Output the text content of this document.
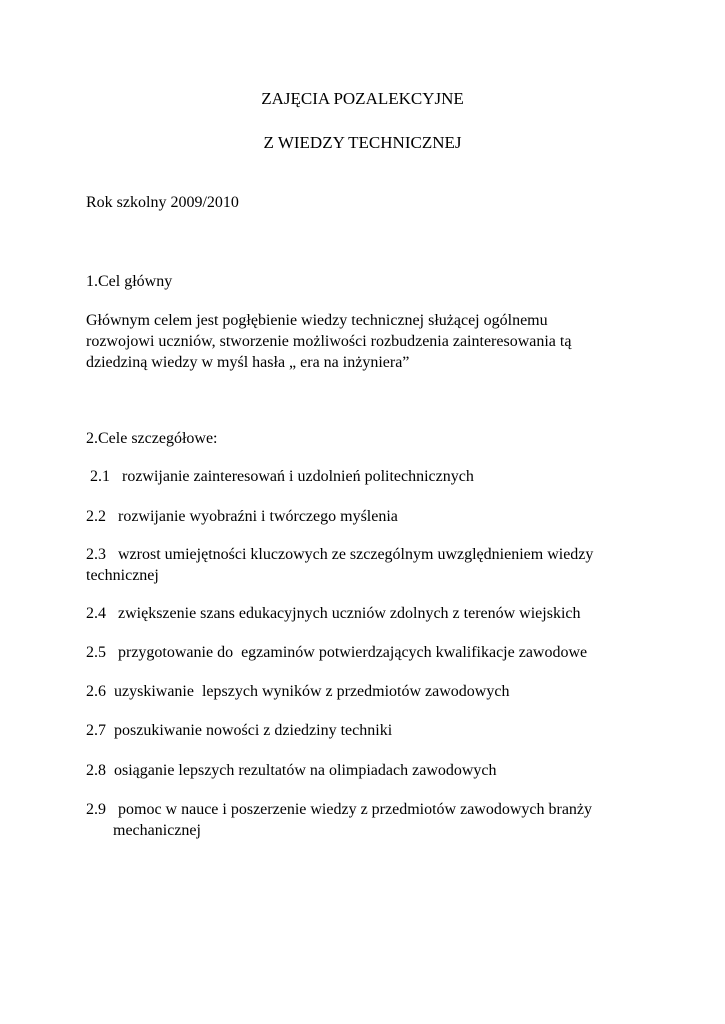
ZAJĘCIA POZALEKCYJNE
Z WIEDZY TECHNICZNEJ
Rok szkolny 2009/2010
1.Cel główny
Głównym celem jest pogłębienie wiedzy technicznej służącej ogólnemu
rozwojowi uczniów, stworzenie możliwości rozbudzenia zainteresowania tą
dziedziną wiedzy w myśl hasła „ era na inżyniera”
2.Cele szczegółowe:
2.1   rozwijanie zainteresowań i uzdolnień politechnicznych
2.2   rozwijanie wyobraźni i twórczego myślenia
2.3   wzrost umiejętności kluczowych ze szczególnym uwzględnieniem wiedzy
technicznej
2.4   zwiększenie szans edukacyjnych uczniów zdolnych z terenów wiejskich
2.5   przygotowanie do  egzaminów potwierdzających kwalifikacje zawodowe
2.6  uzyskiwanie  lepszych wyników z przedmiotów zawodowych
2.7  poszukiwanie nowości z dziedziny techniki
2.8  osiąganie lepszych rezultatów na olimpiadach zawodowych
2.9   pomoc w nauce i poszerzenie wiedzy z przedmiotów zawodowych branży
mechanicznej
